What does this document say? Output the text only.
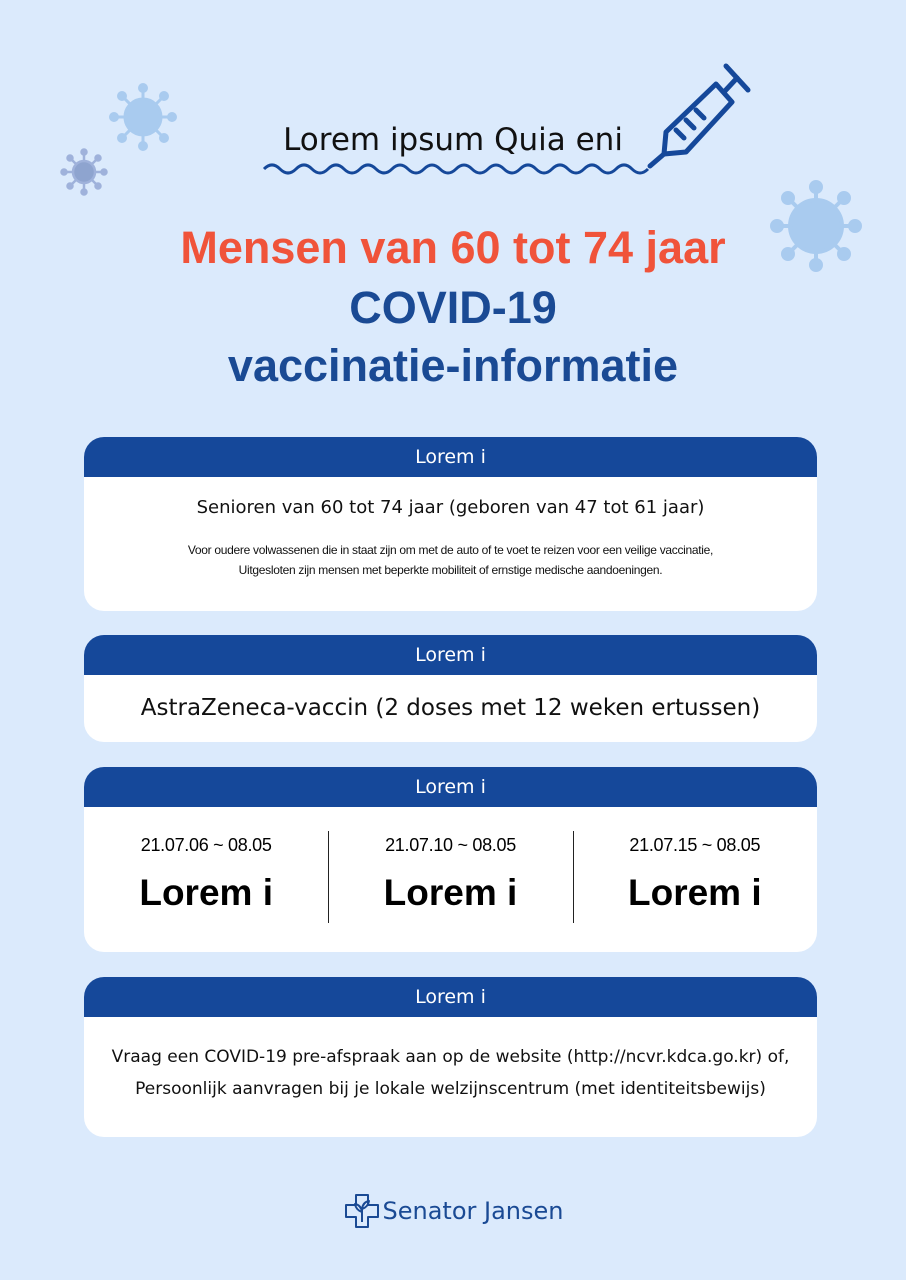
Lorem ipsum Quia eni
Mensen van 60 tot 74 jaar
COVID-19
vaccinatie-informatie
Lorem i
Senioren van 60 tot 74 jaar (geboren van 47 tot 61 jaar)
Voor oudere volwassenen die in staat zijn om met de auto of te voet te reizen voor een veilige vaccinatie,
Uitgesloten zijn mensen met beperkte mobiliteit of ernstige medische aandoeningen.
Lorem i
AstraZeneca-vaccin (2 doses met 12 weken ertussen)
Lorem i
21.07.06 ~ 08.05
Lorem i
21.07.10 ~ 08.05
Lorem i
21.07.15 ~ 08.05
Lorem i
Lorem i
Vraag een COVID-19 pre-afspraak aan op de website (http://ncvr.kdca.go.kr) of,
Persoonlijk aanvragen bij je lokale welzijnscentrum (met identiteitsbewijs)
Senator Jansen
